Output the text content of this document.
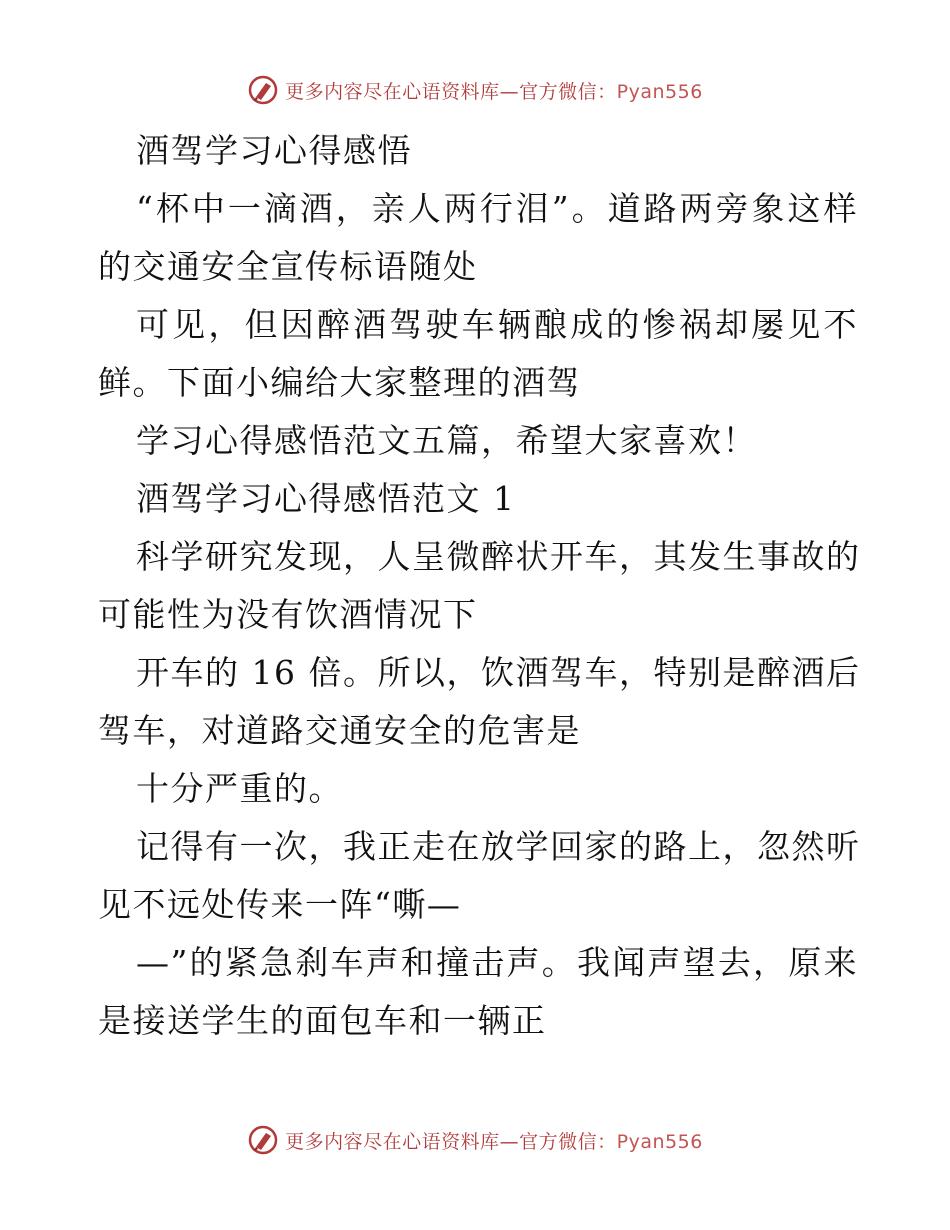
更多内容尽在心语资料库—官方微信：Pyan556
酒驾学习心得感悟
“杯中一滴酒，亲人两行泪”。道路两旁象这样
的交通安全宣传标语随处
可见，但因醉酒驾驶车辆酿成的惨祸却屡见不
鲜。下面小编给大家整理的酒驾
学习心得感悟范文五篇，希望大家喜欢！
酒驾学习心得感悟范文 1
科学研究发现，人呈微醉状开车，其发生事故的
可能性为没有饮酒情况下
开车的 16 倍。所以，饮酒驾车，特别是醉酒后
驾车，对道路交通安全的危害是
十分严重的。
记得有一次，我正走在放学回家的路上，忽然听
见不远处传来一阵“嘶—
—”的紧急刹车声和撞击声。我闻声望去，原来
是接送学生的面包车和一辆正
更多内容尽在心语资料库—官方微信：Pyan556
